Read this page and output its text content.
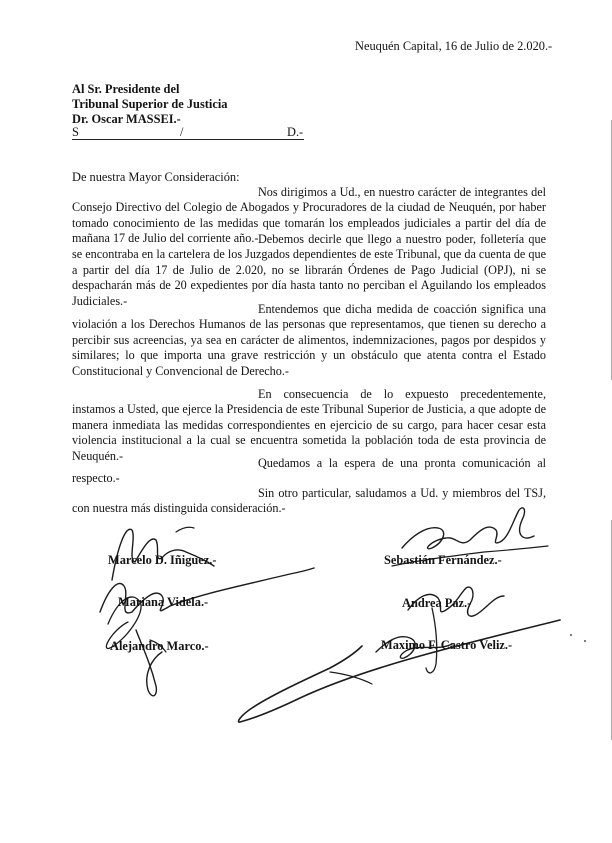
Neuquén Capital, 16 de Julio de 2.020.-
Al Sr. Presidente del
Tribunal Superior de Justicia
Dr. Oscar MASSEI.-
S	/	D.-
De nuestra Mayor Consideración:
Nos dirigimos a Ud., en nuestro carácter de integrantes del Consejo Directivo del Colegio de Abogados y Procuradores de la ciudad de Neuquén, por haber tomado conocimiento de las medidas que tomarán los empleados judiciales a partir del día de mañana 17 de Julio del corriente año.- Debemos decirle que llego a nuestro poder, folletería que se encontraba en la cartelera de los Juzgados dependientes de este Tribunal, que da cuenta de que a partir del día 17 de Julio de 2.020, no se librarán Órdenes de Pago Judicial (OPJ), ni se despacharán más de 20 expedientes por día hasta tanto no perciban el Aguilando los empleados Judiciales.-
Entendemos que dicha medida de coacción significa una violación a los Derechos Humanos de las personas que representamos, que tienen su derecho a percibir sus acreencias, ya sea en carácter de alimentos, indemnizaciones, pagos por despidos y similares; lo que importa una grave restricción y un obstáculo que atenta contra el Estado Constitucional y Convencional de Derecho.-
En consecuencia de lo expuesto precedentemente, instamos a Usted, que ejerce la Presidencia de este Tribunal Superior de Justicia, a que adopte de manera inmediata las medidas correspondientes en ejercicio de su cargo, para hacer cesar esta violencia institucional a la cual se encuentra sometida la población toda de esta provincia de Neuquén.-
Quedamos a la espera de una pronta comunicación al respecto.-
Sin otro particular, saludamos a Ud. y miembros del TSJ, con nuestra más distinguida consideración.-
Marcelo D. Iñiguez.-
Mariana Videla.-
Alejandro Marco.-
Sebastián Fernández.-
Andrea Paz.-
Maximo F. Castro Veliz.-
